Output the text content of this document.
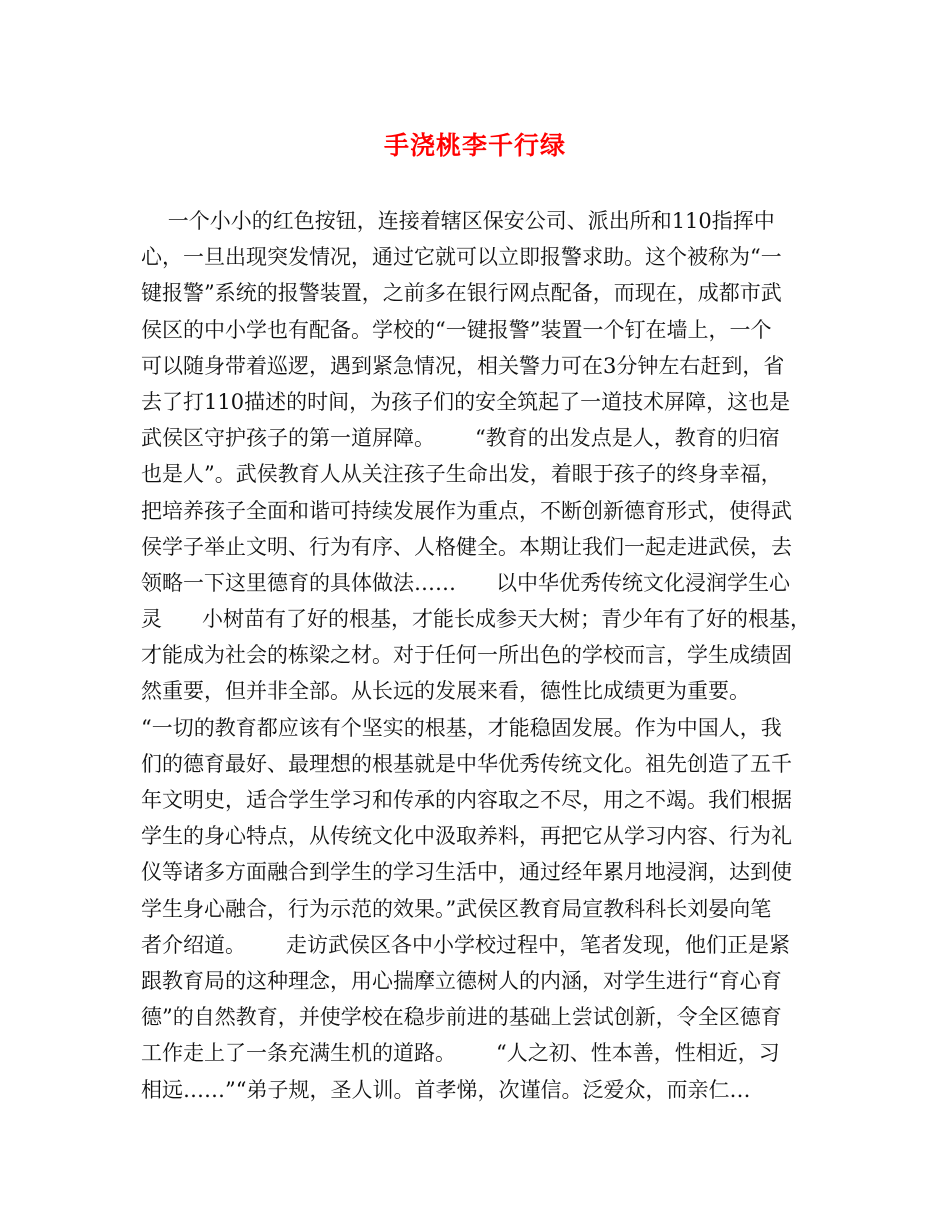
手浇桃李千行绿
一个小小的红色按钮，连接着辖区保安公司、派出所和110指挥中
心，一旦出现突发情况，通过它就可以立即报警求助。这个被称为“一
键报警”系统的报警装置，之前多在银行网点配备，而现在，成都市武
侯区的中小学也有配备。学校的“一键报警”装置一个钉在墙上，一个
可以随身带着巡逻，遇到紧急情况，相关警力可在3分钟左右赶到，省
去了打110描述的时间，为孩子们的安全筑起了一道技术屏障，这也是
武侯区守护孩子的第一道屏障。      “教育的出发点是人，教育的归宿
也是人”。武侯教育人从关注孩子生命出发，着眼于孩子的终身幸福，
把培养孩子全面和谐可持续发展作为重点，不断创新德育形式，使得武
侯学子举止文明、行为有序、人格健全。本期让我们一起走进武侯，去
领略一下这里德育的具体做法……      以中华优秀传统文化浸润学生心
灵      小树苗有了好的根基，才能长成参天大树；青少年有了好的根基，
才能成为社会的栋梁之材。对于任何一所出色的学校而言，学生成绩固
然重要，但并非全部。从长远的发展来看，德性比成绩更为重要。
“一切的教育都应该有个坚实的根基，才能稳固发展。作为中国人，我
们的德育最好、最理想的根基就是中华优秀传统文化。祖先创造了五千
年文明史，适合学生学习和传承的内容取之不尽，用之不竭。我们根据
学生的身心特点，从传统文化中汲取养料，再把它从学习内容、行为礼
仪等诸多方面融合到学生的学习生活中，通过经年累月地浸润，达到使
学生身心融合，行为示范的效果。”武侯区教育局宣教科科长刘晏向笔
者介绍道。      走访武侯区各中小学校过程中，笔者发现，他们正是紧
跟教育局的这种理念，用心揣摩立德树人的内涵，对学生进行“育心育
德”的自然教育，并使学校在稳步前进的基础上尝试创新，令全区德育
工作走上了一条充满生机的道路。      “人之初、性本善，性相近，习
相远……”“弟子规，圣人训。首孝悌，次谨信。泛爱众，而亲仁…
